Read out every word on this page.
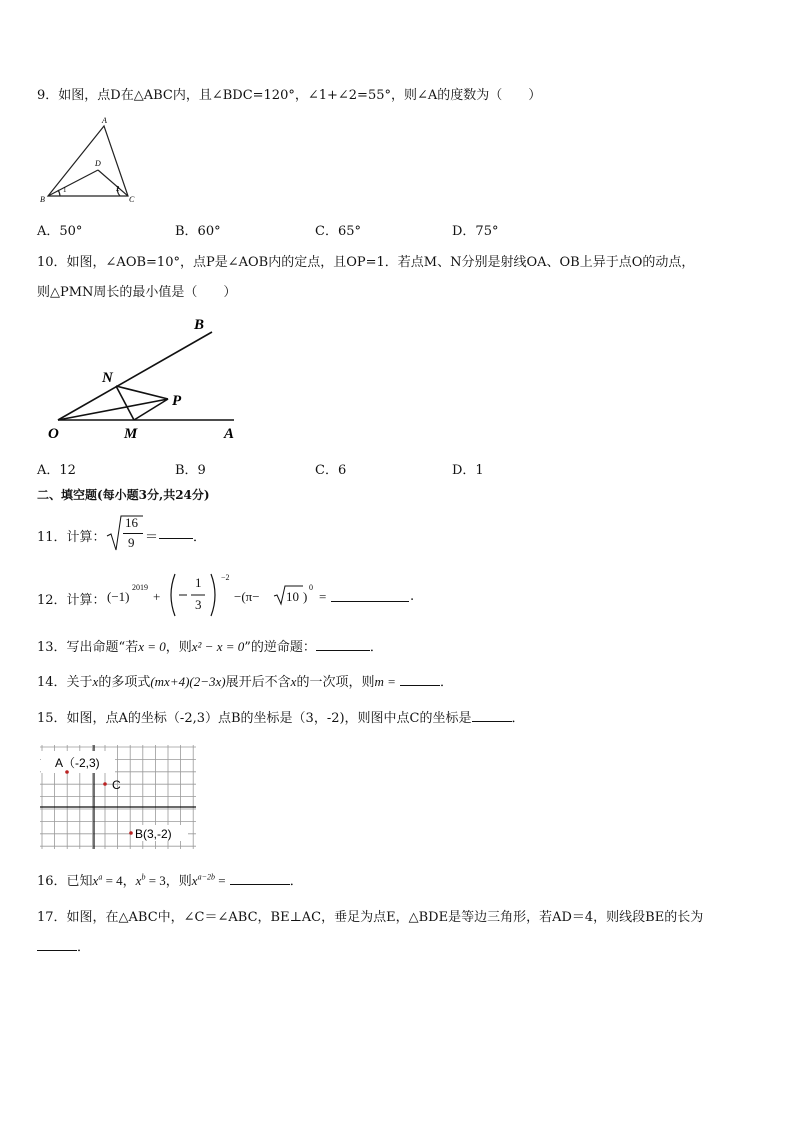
9．如图，点D在△ABC内，且∠BDC=120°，∠1+∠2=55°，则∠A的度数为（　　）
A
B	C
D
1	2
A．50°	B．60°	C．65°	D．75°
10．如图，∠AOB=10°，点P是∠AOB内的定点，且OP=1．若点M、N分别是射线OA、OB上异于点O的动点，
则△PMN周长的最小值是（　　）
O	M	A
N
P
B
A．12	B．9	C．6	D．1
二、填空题(每小题3分,共24分)
11．计算：
16
9 ＝	．
12．计算： (−1)
2019
+
1
3
−2
−(π− 10 )
0
=	.
13．写出命题“若x = 0，则x² − x = 0”的逆命题：	．
14．关于x的多项式(mx+4)(2−3x)展开后不含x的一次项，则m =	．
15．如图，点A的坐标（-2,3）点B的坐标是（3，-2)，则图中点C的坐标是	．
A（-2,3)
C
B(3,-2)
16．已知$x^a = 4$，$x^b = 3$，则$x^{a-2b}$ =	．
17．如图，在△ABC中，∠C＝∠ABC，BE⊥AC，垂足为点E，△BDE是等边三角形，若AD＝4，则线段BE的长为
．
